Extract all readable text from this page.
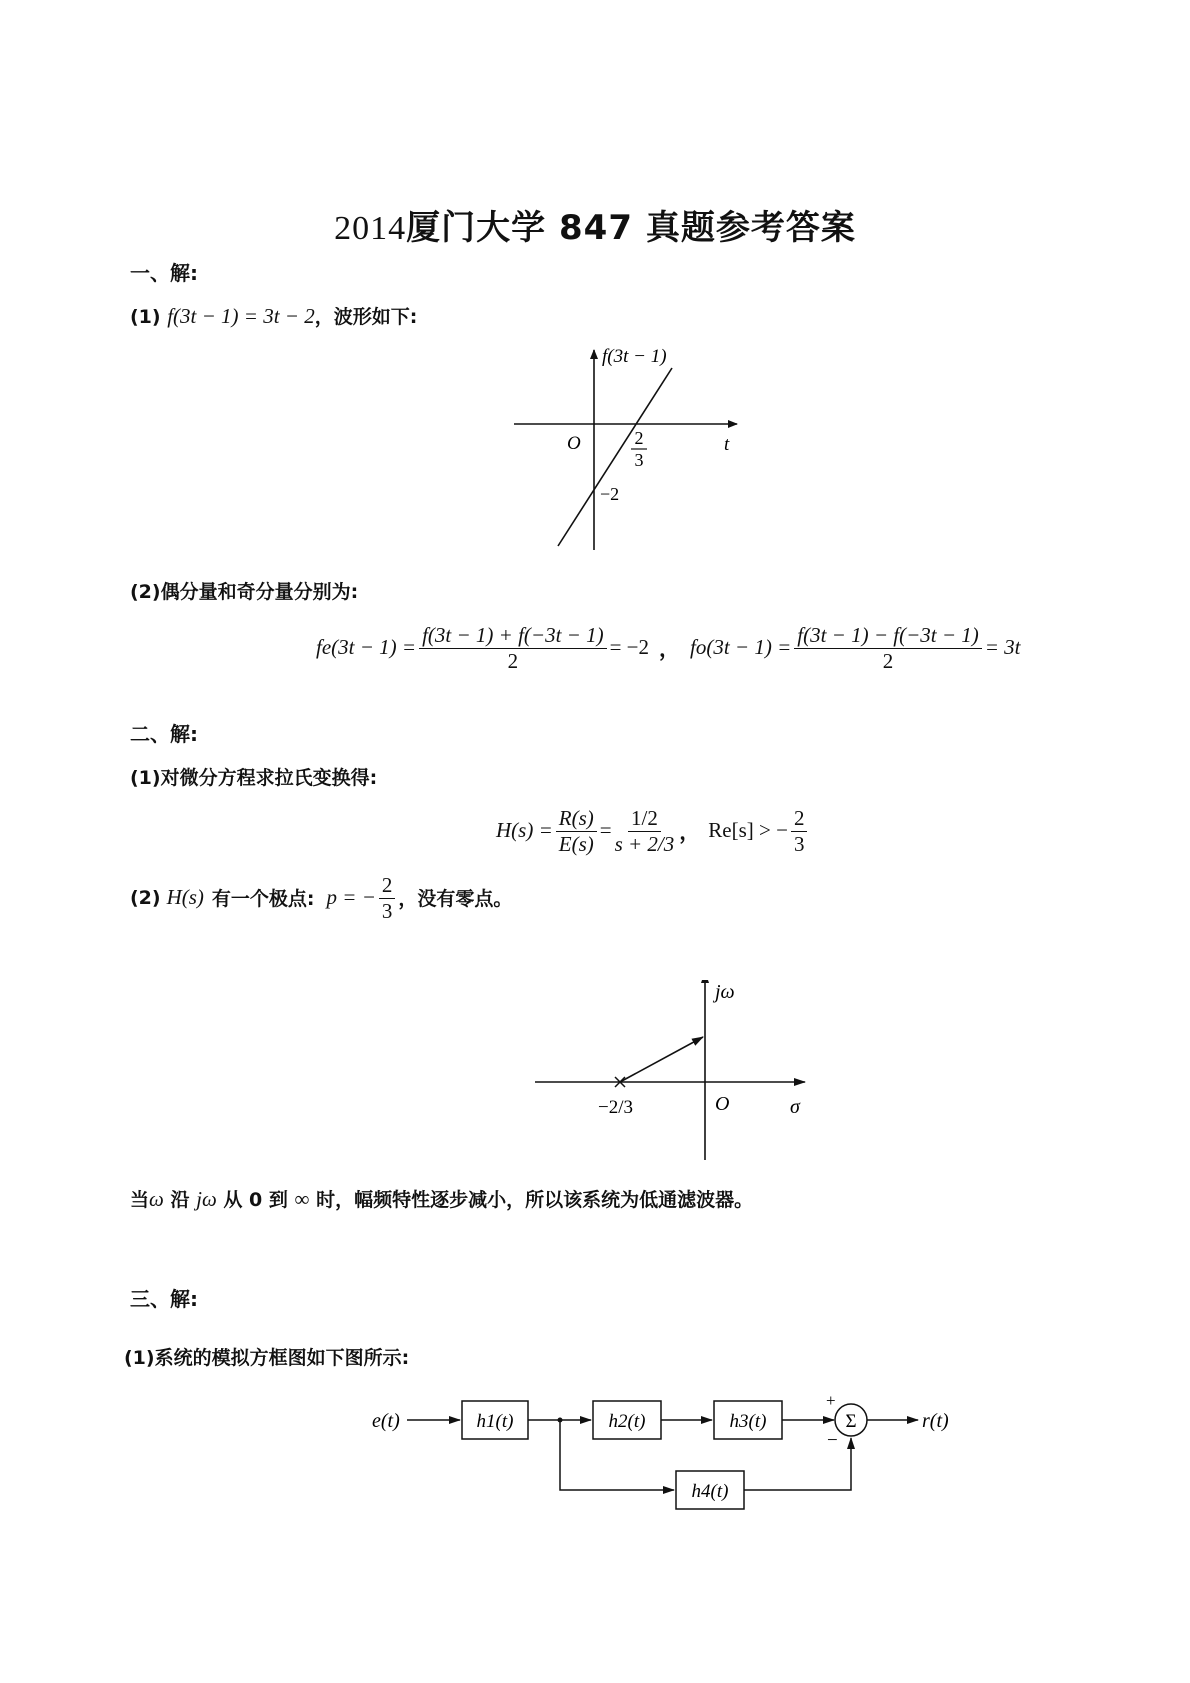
2014厦门大学 847 真题参考答案
一、解:
(1) f(3t − 1) = 3t − 2，波形如下:
f(3t − 1)
t
O	2
3
−2
(2)偶分量和奇分量分别为:
$fe(3t - 1) = \frac{f(3t - 1) + f(-3t - 1)}{2} = -2$ ， $fo(3t - 1) = \frac{f(3t - 1) - f(-3t - 1)}{2} = 3t$
二、解:
(1)对微分方程求拉氏变换得:
$H(s) = \frac{R(s)}{E(s)} = \frac{1/2}{s + 2/3}$ ， Re[s] > − $\frac{2}{3}$
(2) H(s) 有一个极点: p = − $\frac{2}{3}$ ，没有零点。
jω
σ
O
−2/3
当ω 沿 jω 从 0 到 ∞ 时，幅频特性逐步减小，所以该系统为低通滤波器。
三、解:
(1)系统的模拟方框图如下图所示:
e(t)	r(t)
h1(t)	h2(t)	h3(t)
h4(t)
Σ
+
−
